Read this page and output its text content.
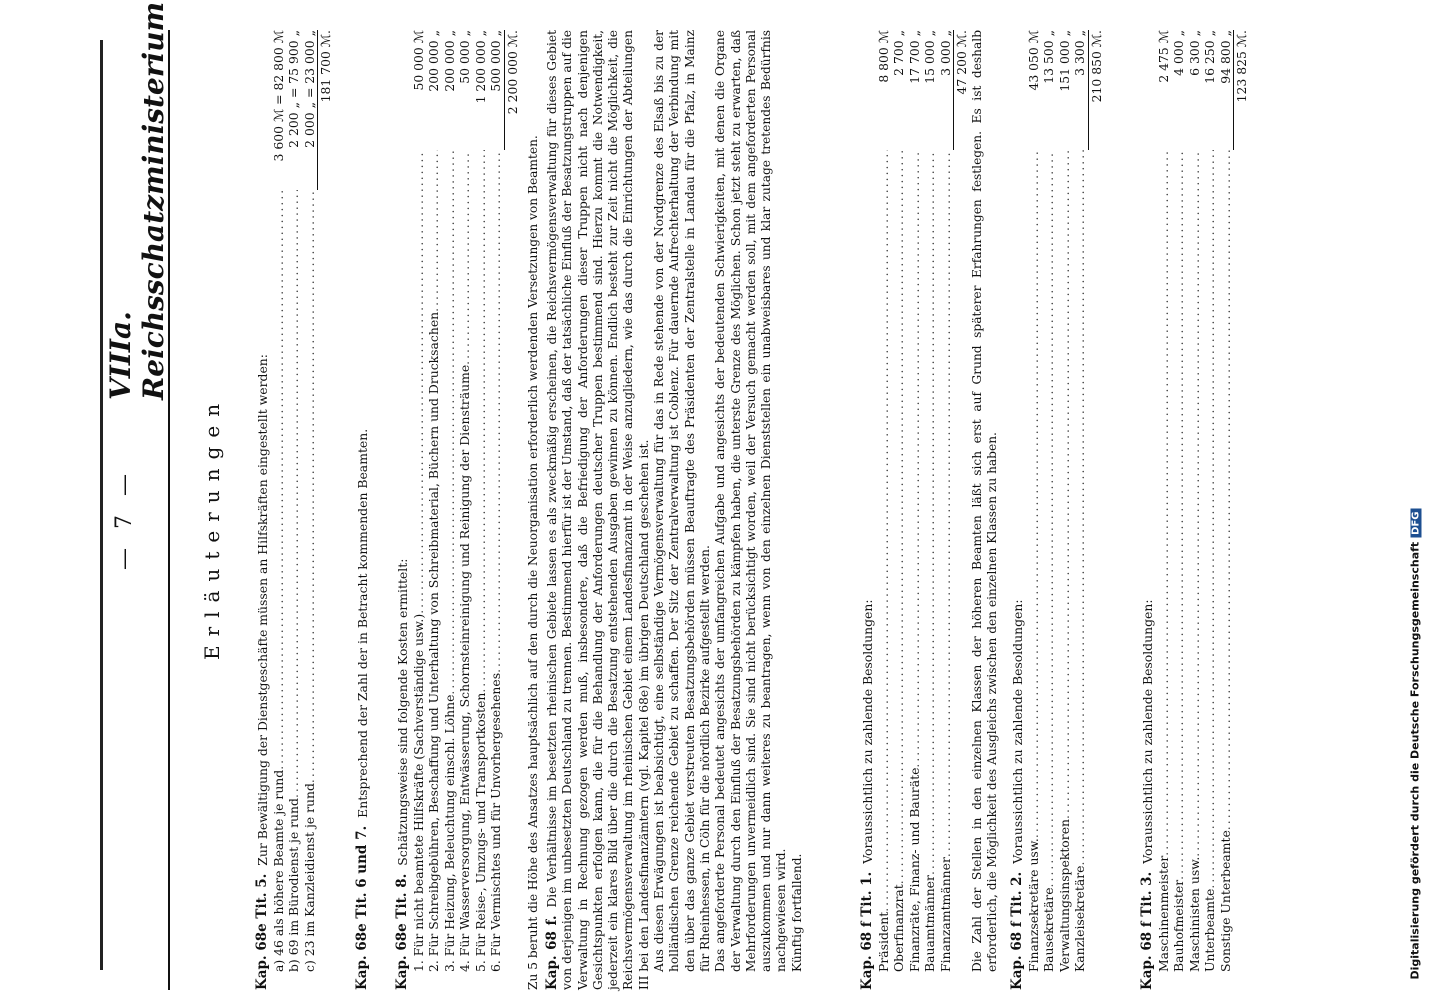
— 7 —
VIIIa. Reichsschatzministerium
Erläuterungen
Kap. 68e Tit. 5.
Zur Bewältigung der Dienstgeschäfte müssen an Hilfskräften eingestellt werden:
a) 46 als höhere Beamte je rund
.....
3 600 ℳ = 82 800 ℳ
b) 69 im Bürodienst je rund
.....
2 200 „ = 75 900 „
c) 23 im Kanzleidienst je rund
.....
2 000 „ = 23 000 „ 181 700 ℳ.
Kap. 68e Tit. 6 und 7.
Entsprechend der Zahl der in Betracht kommenden Beamten.
Kap. 68e Tit. 8.
Schätzungsweise sind folgende Kosten ermittelt: 1. Für nicht beamtete Hilfskräfte (Sachverständige usw.)
.....
50 000 ℳ
2. Für Schreibgebühren, Beschaffung und Unterhaltung von Schreibmaterial, Büchern und Drucksachen
.....
200 000 „
3. Für Heizung, Beleuchtung einschl. Löhne
.....
200 000 „
4. Für Wasserversorgung, Entwässerung, Schornsteinreinigung und Reinigung der Diensträume
.....
50 000 „
5. Für Reise-, Umzugs- und Transportkosten
.....
1 200 000 „
6. Für Vermischtes und für Unvorhergesehenes
.....
500 000 „ 2 200 000 ℳ.
Zu 5 beruht die Höhe des Ansatzes hauptsächlich auf den durch die Neuorganisation erforderlich werdenden Versetzungen von Beamten. Kap. 68 f.Die Verhältnisse im besetzten rheinischen Gebiete lassen es als zweckmäßig erscheinen, die Reichsvermögensverwaltung für dieses Gebiet von derjenigen im unbesetzten Deutschland zu trennen. Bestimmend hierfür ist der Umstand, daß der tatsächliche Einfluß der Besatzungstruppen auf die Verwaltung in Rechnung gezogen werden muß, insbesondere, daß die Befriedigung der Anforderungen dieser Truppen nicht nach denjenigen Gesichtspunkten erfolgen kann, die für die Behandlung der Anforderungen deutscher Truppen bestimmend sind. Hierzu kommt die Notwendigkeit, jederzeit ein klares Bild über die durch die Besatzung entstehenden Ausgaben gewinnen zu können. Endlich besteht zur Zeit nicht die Möglichkeit, die Reichsvermögensverwaltung im rheinischen Gebiet einem Landesfinanzamt in der Weise anzugliedern, wie das durch die Einrichtungen der Abteilungen III bei den Landesfinanzämtern (vgl. Kapitel 68e) im übrigen Deutschland geschehen ist. Aus diesen Erwägungen ist beabsichtigt, eine selbständige Vermögensverwaltung für das in Rede stehende von der Nordgrenze des Elsaß bis zu der holländischen Grenze reichende Gebiet zu schaffen. Der Sitz der Zentralverwaltung ist Coblenz. Für dauernde Aufrechterhaltung der Verbindung mit den über das ganze Gebiet verstreuten Besatzungsbehörden müssen Beauftragte des Präsidenten der Zentralstelle in Landau für die Pfalz, in Mainz für Rheinhessen, in Cöln für die nördlich Bezirke aufgestellt werden. Das angeforderte Personal bedeutet angesichts der umfangreichen Aufgabe und angesichts der bedeutenden Schwierigkeiten, mit denen die Organe der Verwaltung durch den Einfluß der Besatzungsbehörden zu kämpfen haben, die unterste Grenze des Möglichen. Schon jetzt steht zu erwarten, daß Mehrforderungen unvermeidlich sind. Sie sind nicht berücksichtigt worden, weil der Versuch gemacht werden soll, mit dem angeforderten Personal auszukommen und nur dann weiteres zu beantragen, wenn von den einzelnen Dienststellen ein unabweisbares und klar zutage tretendes Bedürfnis nachgewiesen wird. Künftig fortfallend.	Kap. 68 f Tit. 1.
Voraussichtlich zu zahlende Besoldungen:
Präsident
.....
8 800 ℳ
Oberfinanzrat
.....
2 700 „
Finanzräte, Finanz- und Bauräte
.....
17 700 „
Bauamtmänner
.....
15 000 „
Finanzamtmänner
.....
3 000 „ 47 200 ℳ. Die Zahl der Stellen in den einzelnen Klassen der höheren Beamten läßt sich erst auf Grund späterer Erfahrungen festlegen. Es ist deshalb erforderlich, die Möglichkeit des Ausgleichs zwischen den einzelnen Klassen zu haben. Kap. 68 f Tit. 2.
Voraussichtlich zu zahlende Besoldungen:
Finanzsekretäre usw.
.....
43 050 ℳ
Bausekretäre
.....
13 500 „
Verwaltungsinspektoren
.....
151 000 „
Kanzleisekretäre
.....
3 300 „ 210 850 ℳ.
Kap. 68 f Tit. 3.
Voraussichtlich zu zahlende Besoldungen:
Maschinenmeister
.....
2 475 ℳ
Bauhofmeister
.....
4 000 „
Maschinisten usw.
.....
6 300 „
Unterbeamte
.....
16 250 „
Sonstige Unterbeamte
.....
94 800 „ 123 825 ℳ.
Digitalisierung gefördert durch die Deutsche ForschungsgemeinschaftDFG
